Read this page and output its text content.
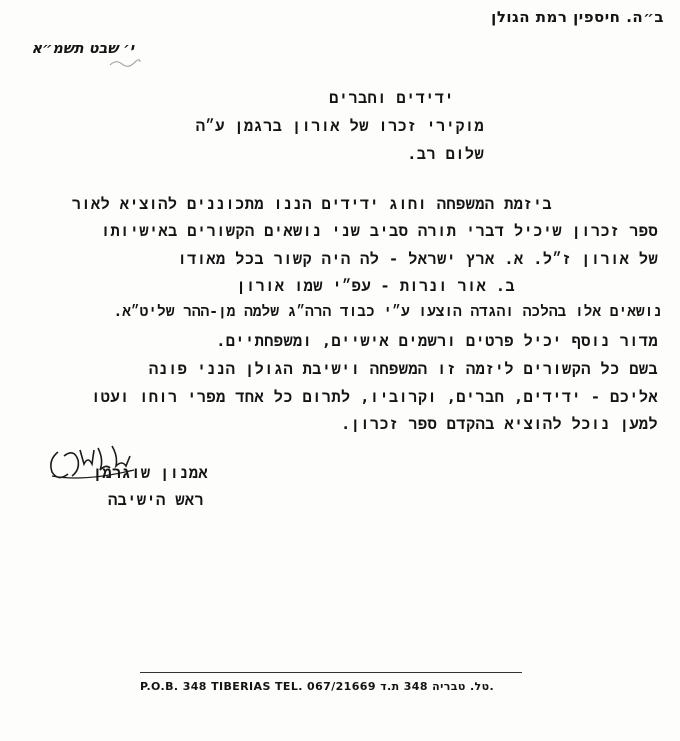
ב״ה. חיספין רמת הגולן
י׳ שבט תשמ״א
ידידים וחברים
מוקירי זכרו של אורון ברגמן ע״ה
שלום רב.
ביזמת המשפחה וחוג ידידים הננו מתכוננים להוציא לאור
ספר זכרון שיכיל דברי תורה סביב שני נושאים הקשורים באישיותו
של אורון ז״ל. א. ארץ ישראל - לה היה קשור בכל מאודו
ב. אור ונרות - עפ״י שמו אורון
נושאים אלו בהלכה והגדה הוצעו ע״י כבוד הרה״ג שלמה מן-ההר שליט״א.
מדור נוסף יכיל פרטים ורשמים אישיים, ומשפחתיים.
בשם כל הקשורים ליזמה זו המשפחה וישיבת הגולן הנני פונה
אליכם - ידידים, חברים, וקרוביו, לתרום כל אחד מפרי רוחו ועטו
למען נוכל להוציא בהקדם ספר זכרון.
אמנון שוגרמן
ראש הישיבה
P.O.B. 348 TIBERIAS TEL. 067/21669 טל. טבריה 348 ת.ד.
